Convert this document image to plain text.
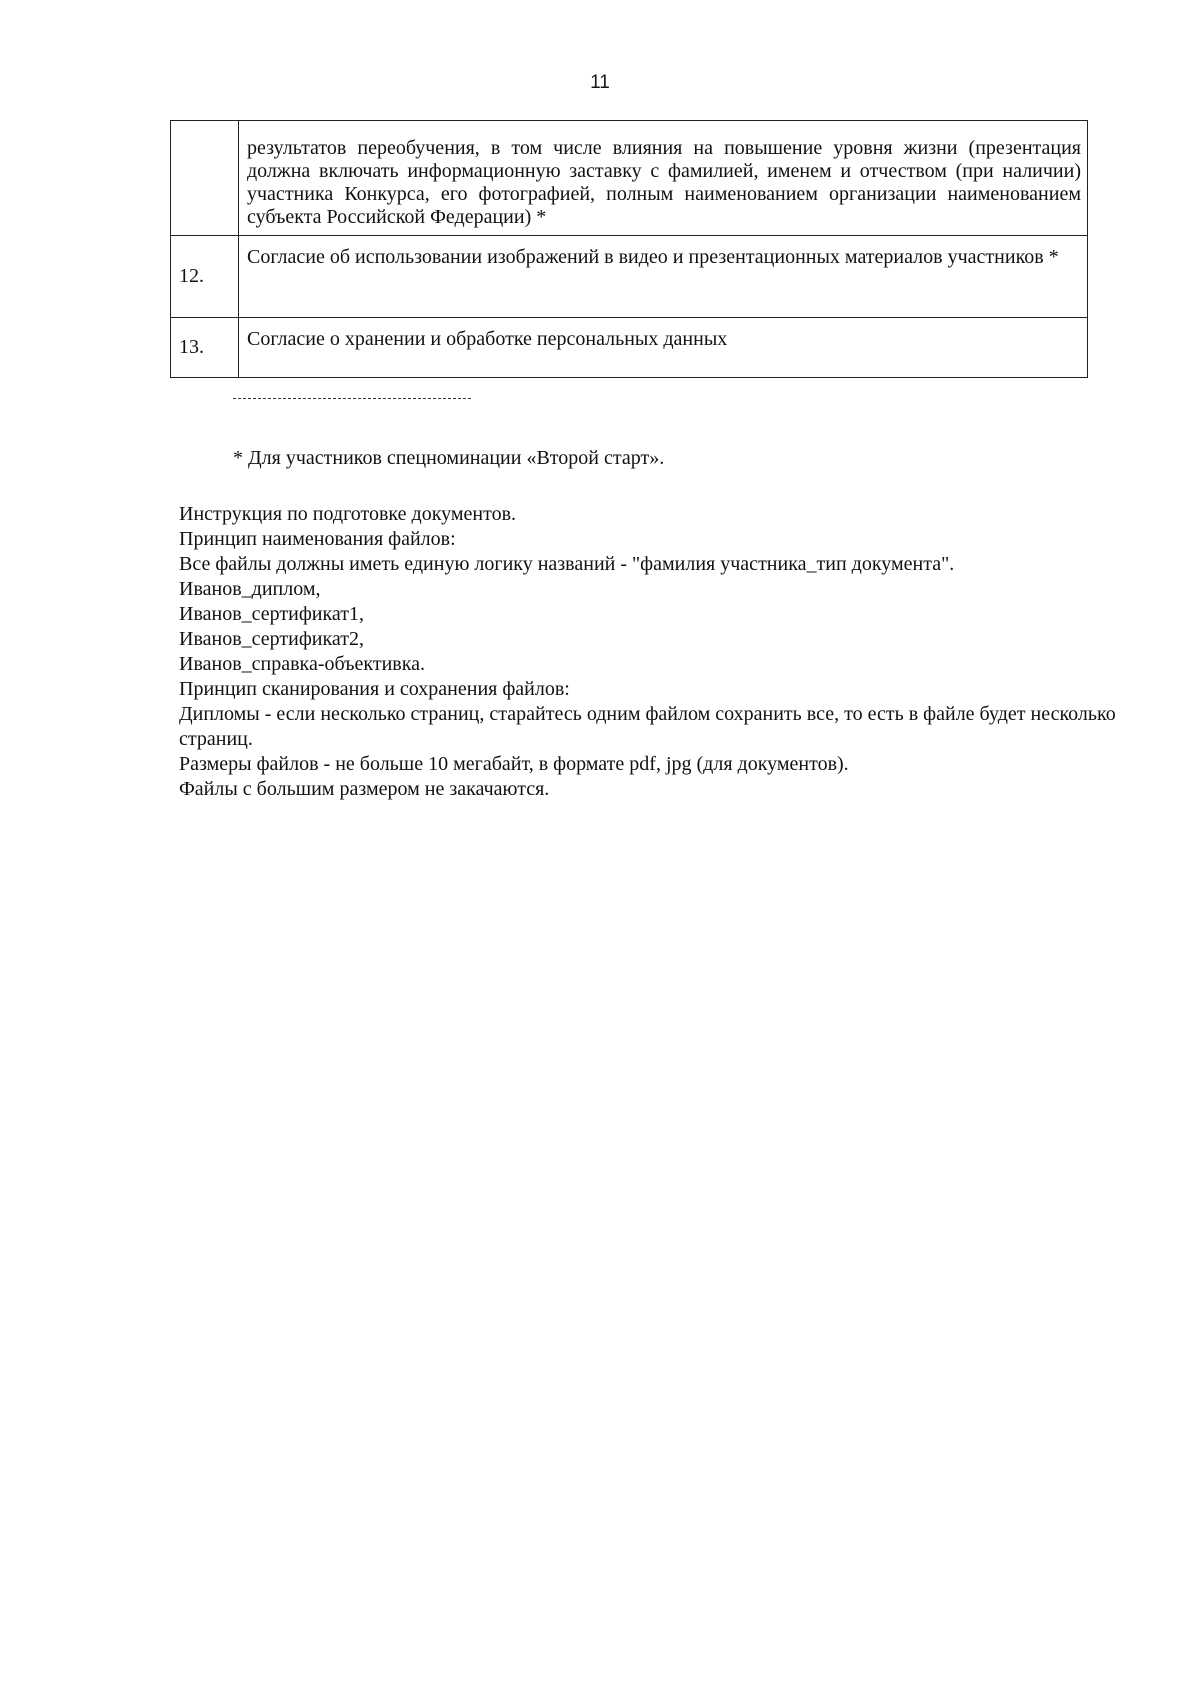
11
	результатов переобучения, в том числе влияния на повышение уровня жизни (презентация должна включать информационную заставку с фамилией, именем и отчеством (при наличии) участника Конкурса, его фотографией, полным наименованием организации наименованием субъекта Российской Федерации) *
12.	Согласие об использовании изображений в видео и презентационных материалов участников *
13.	Согласие о хранении и обработке персональных данных
* Для участников спецноминации «Второй старт».
Инструкция по подготовке документов.
Принцип наименования файлов:
Все файлы должны иметь единую логику названий - "фамилия участника_тип документа".
Иванов_диплом,
Иванов_сертификат1,
Иванов_сертификат2,
Иванов_справка-объективка.
Принцип сканирования и сохранения файлов:
Дипломы - если несколько страниц, старайтесь одним файлом сохранить все, то есть в файле будет несколько страниц.
Размеры файлов - не больше 10 мегабайт, в формате pdf, jpg (для документов).
Файлы с большим размером не закачаются.
